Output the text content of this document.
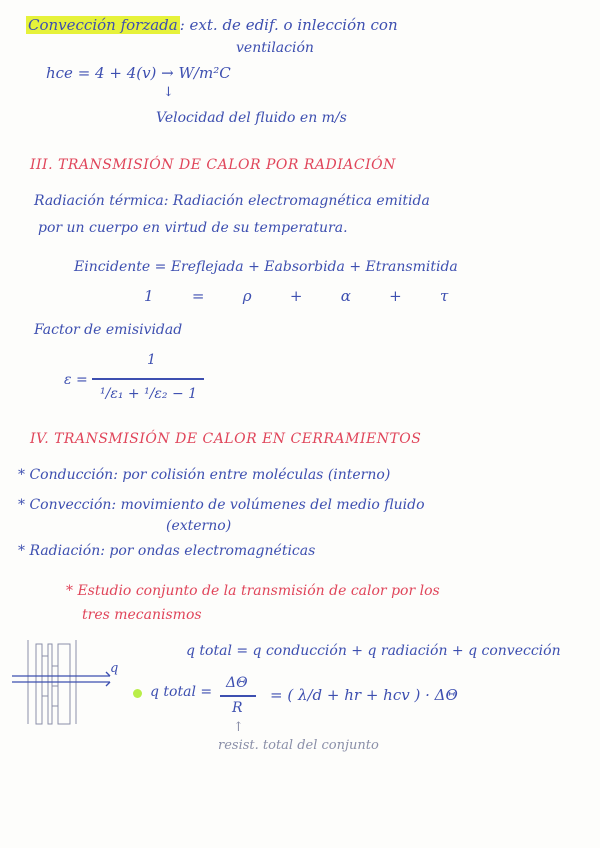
Convección forzada : ext. de edif. o inlección con
ventilación
hce = 4 + 4(v) → W/m²C
↓
Velocidad del fluido en m/s
III. TRANSMISIÓN DE CALOR POR RADIACIÓN
Radiación térmica: Radiación electromagnética emitida
por un cuerpo en virtud de su temperatura.
Eincidente = Ereflejada + Eabsorbida + Etransmitida
1   =   ρ   +   α   +   τ
Factor de emisividad
ε =
1
¹/ε₁ + ¹/ε₂ − 1
IV. TRANSMISIÓN DE CALOR EN CERRAMIENTOS
* Conducción: por colisión entre moléculas (interno)
* Convección: movimiento de volúmenes del medio fluido
(externo)
* Radiación: por ondas electromagnéticas
* Estudio conjunto de la transmisión de calor por los
tres mecanismos
q total = q conducción + q radiación + q convección
q
q total =
ΔΘ
R
= ( λ/d + hr + hcv ) · ΔΘ
↑
resist. total del conjunto
